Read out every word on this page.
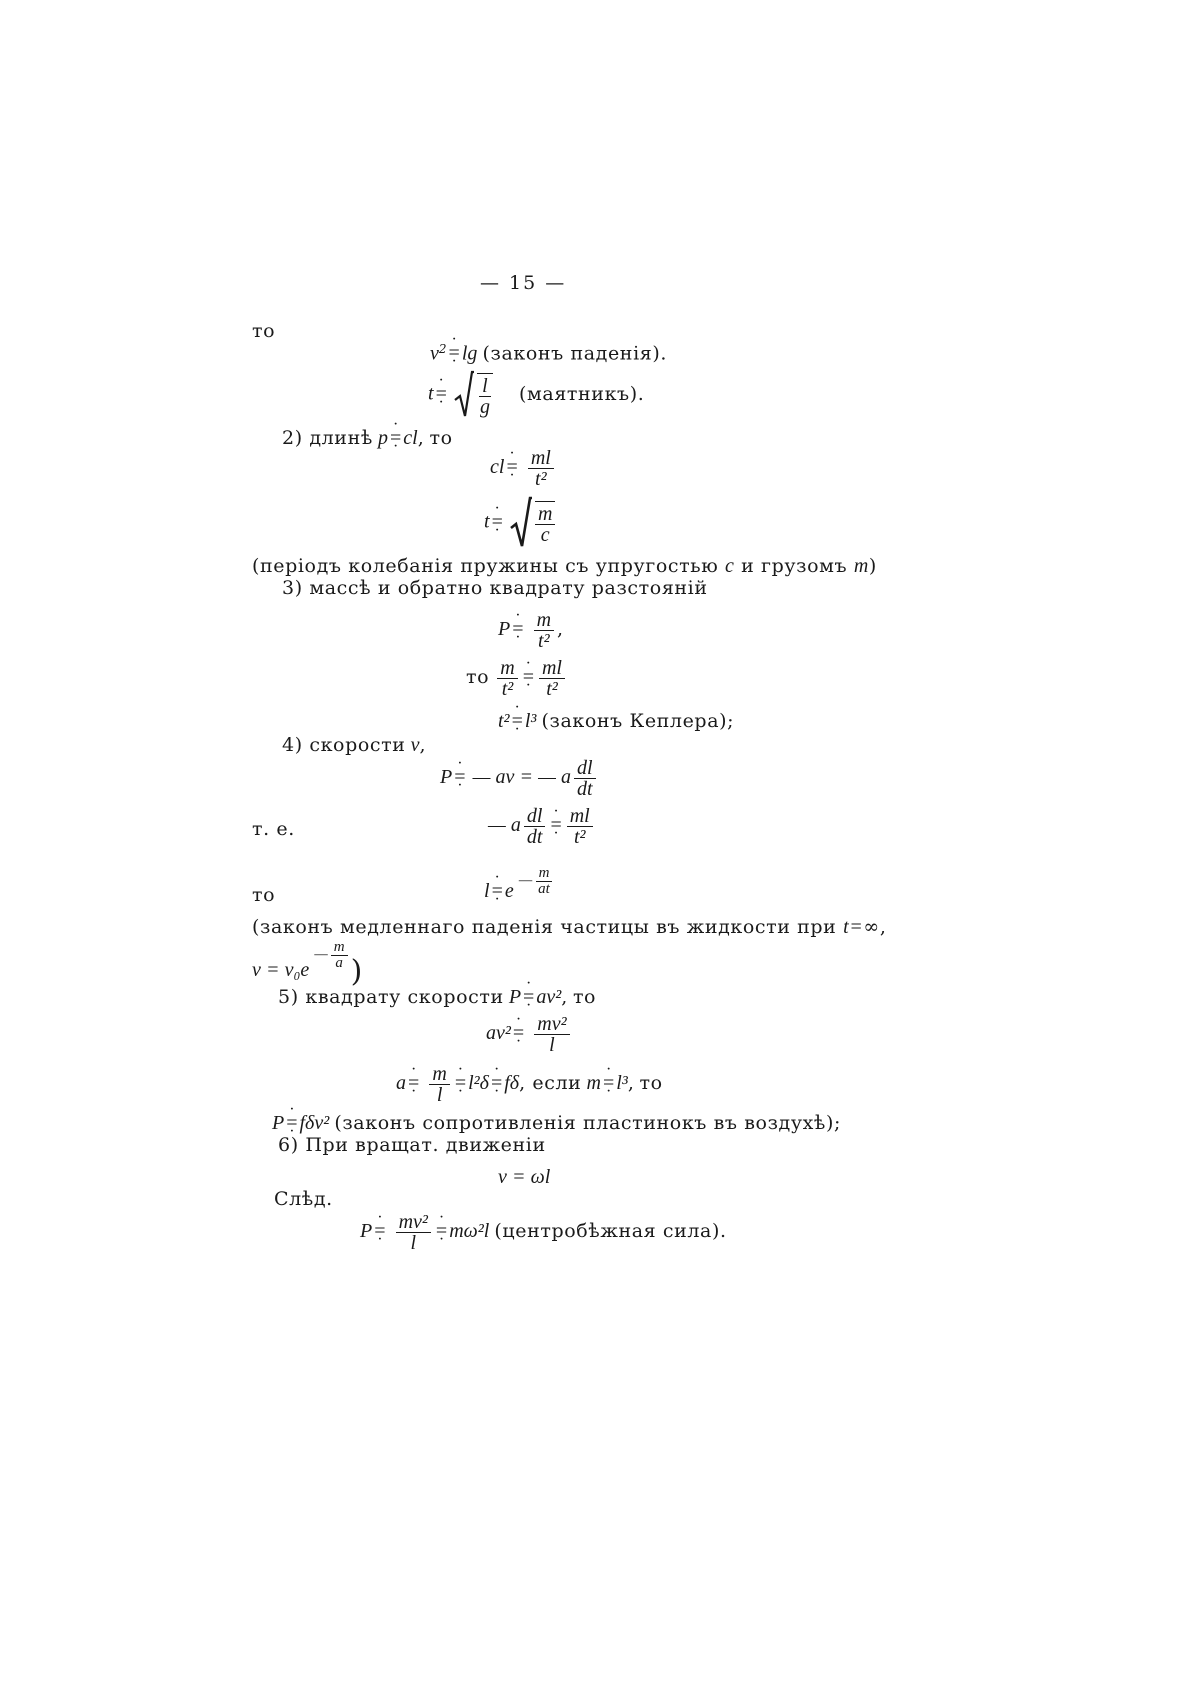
— 15 —
то
$v^2\cdot$ = · lg (законъ паденія).
t· = · $\frac{l}{g}$ (маятникъ).
2) длинѣ p· = · cl, то
cl· = · $\frac{ml}{\text{t²}}$
t· = · $\frac{m}{c}$
(періодъ колебанія пружины съ упругостью c и грузомъ m)
3) массѣ и обратно квадрату разстояній
P· = · $\frac{m}{\text{t²}}$ ,
то $\frac{m}{\text{t²}}$
· = · $\frac{ml}{\text{t²}}$
t²· = · l³ (законъ Кеплера);
4) скорости v,
P· = · — av = — a $\frac{dl}{dt}$
т. е.	— a $\frac{dl}{dt}$
· = · $\frac{ml}{\text{t²}}$
то	l· = · e — $\frac{m}{at}$
(законъ медленнаго паденія частицы въ жидкости при t=∞,
v = v₀e — $\frac{m}{a}$ )
5) квадрату скорости P· = · av², то
av²· = · $\frac{\text{mv²}}{l}$
a· = · $\frac{m}{l}$
· = · l²δ· = · fδ, если m· = · l³, то
P· = · fδv² (законъ сопротивленія пластинокъ въ воздухѣ);
6) При вращат. движеніи
v = ωl
Слѣд.
P· = · $\frac{\text{mv²}}{l}$
· = · mω²l (центробѣжная сила).
